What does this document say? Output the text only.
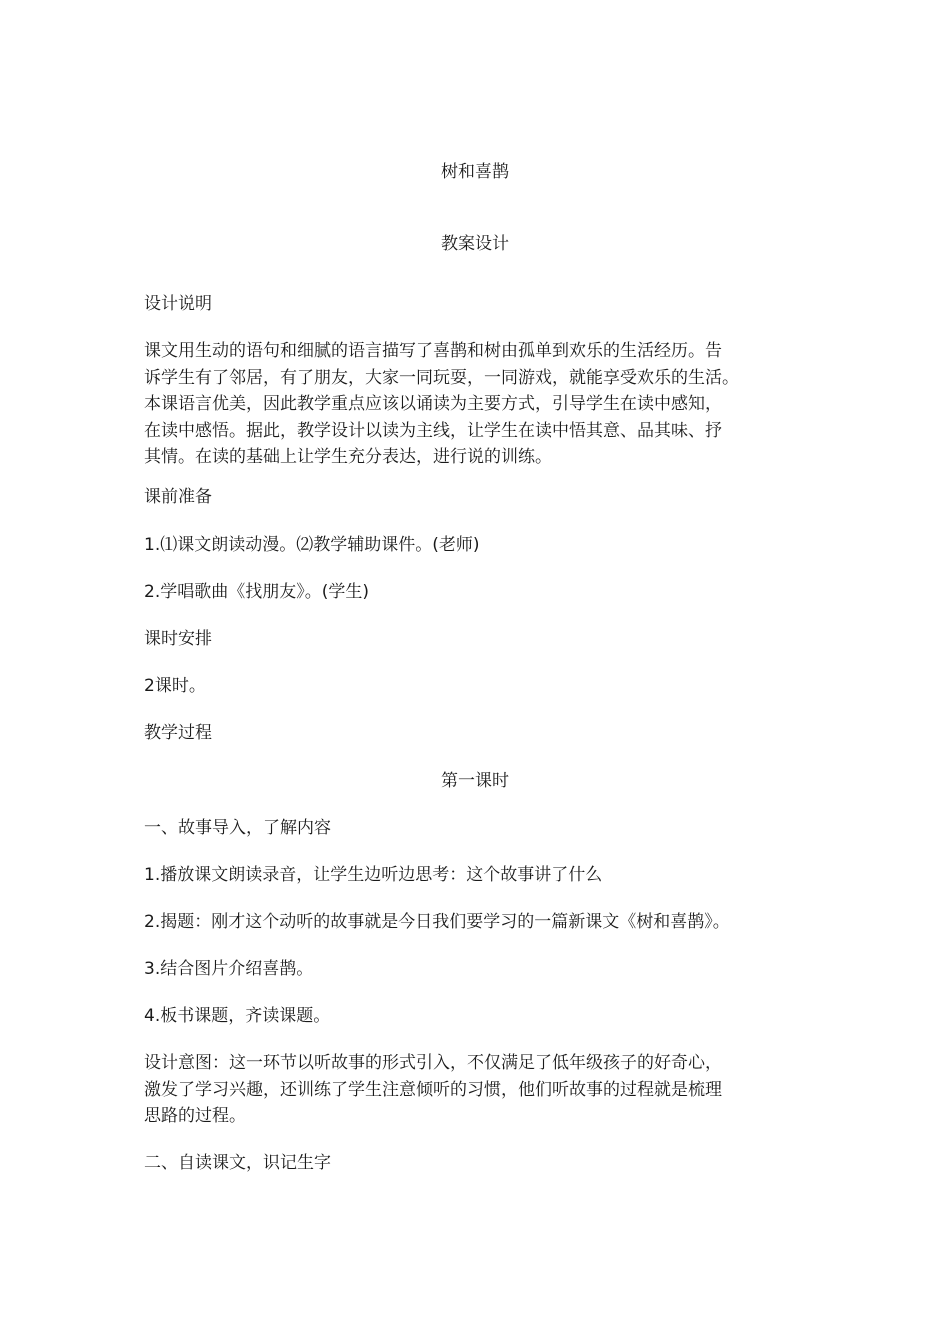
树和喜鹊
教案设计
设计说明
课文用生动的语句和细腻的语言描写了喜鹊和树由孤单到欢乐的生活经历。告
诉学生有了邻居，有了朋友，大家一同玩耍，一同游戏，就能享受欢乐的生活。
本课语言优美，因此教学重点应该以诵读为主要方式，引导学生在读中感知，
在读中感悟。据此，教学设计以读为主线，让学生在读中悟其意、品其味、抒
其情。在读的基础上让学生充分表达，进行说的训练。
课前准备
1.⑴课文朗读动漫。⑵教学辅助课件。(老师)
2.学唱歌曲《找朋友》。(学生)
课时安排
2课时。
教学过程
第一课时
一、故事导入，了解内容
1.播放课文朗读录音，让学生边听边思考：这个故事讲了什么
2.揭题：刚才这个动听的故事就是今日我们要学习的一篇新课文《树和喜鹊》。
3.结合图片介绍喜鹊。
4.板书课题，齐读课题。
设计意图：这一环节以听故事的形式引入，不仅满足了低年级孩子的好奇心，
激发了学习兴趣，还训练了学生注意倾听的习惯，他们听故事的过程就是梳理
思路的过程。
二、自读课文，识记生字
